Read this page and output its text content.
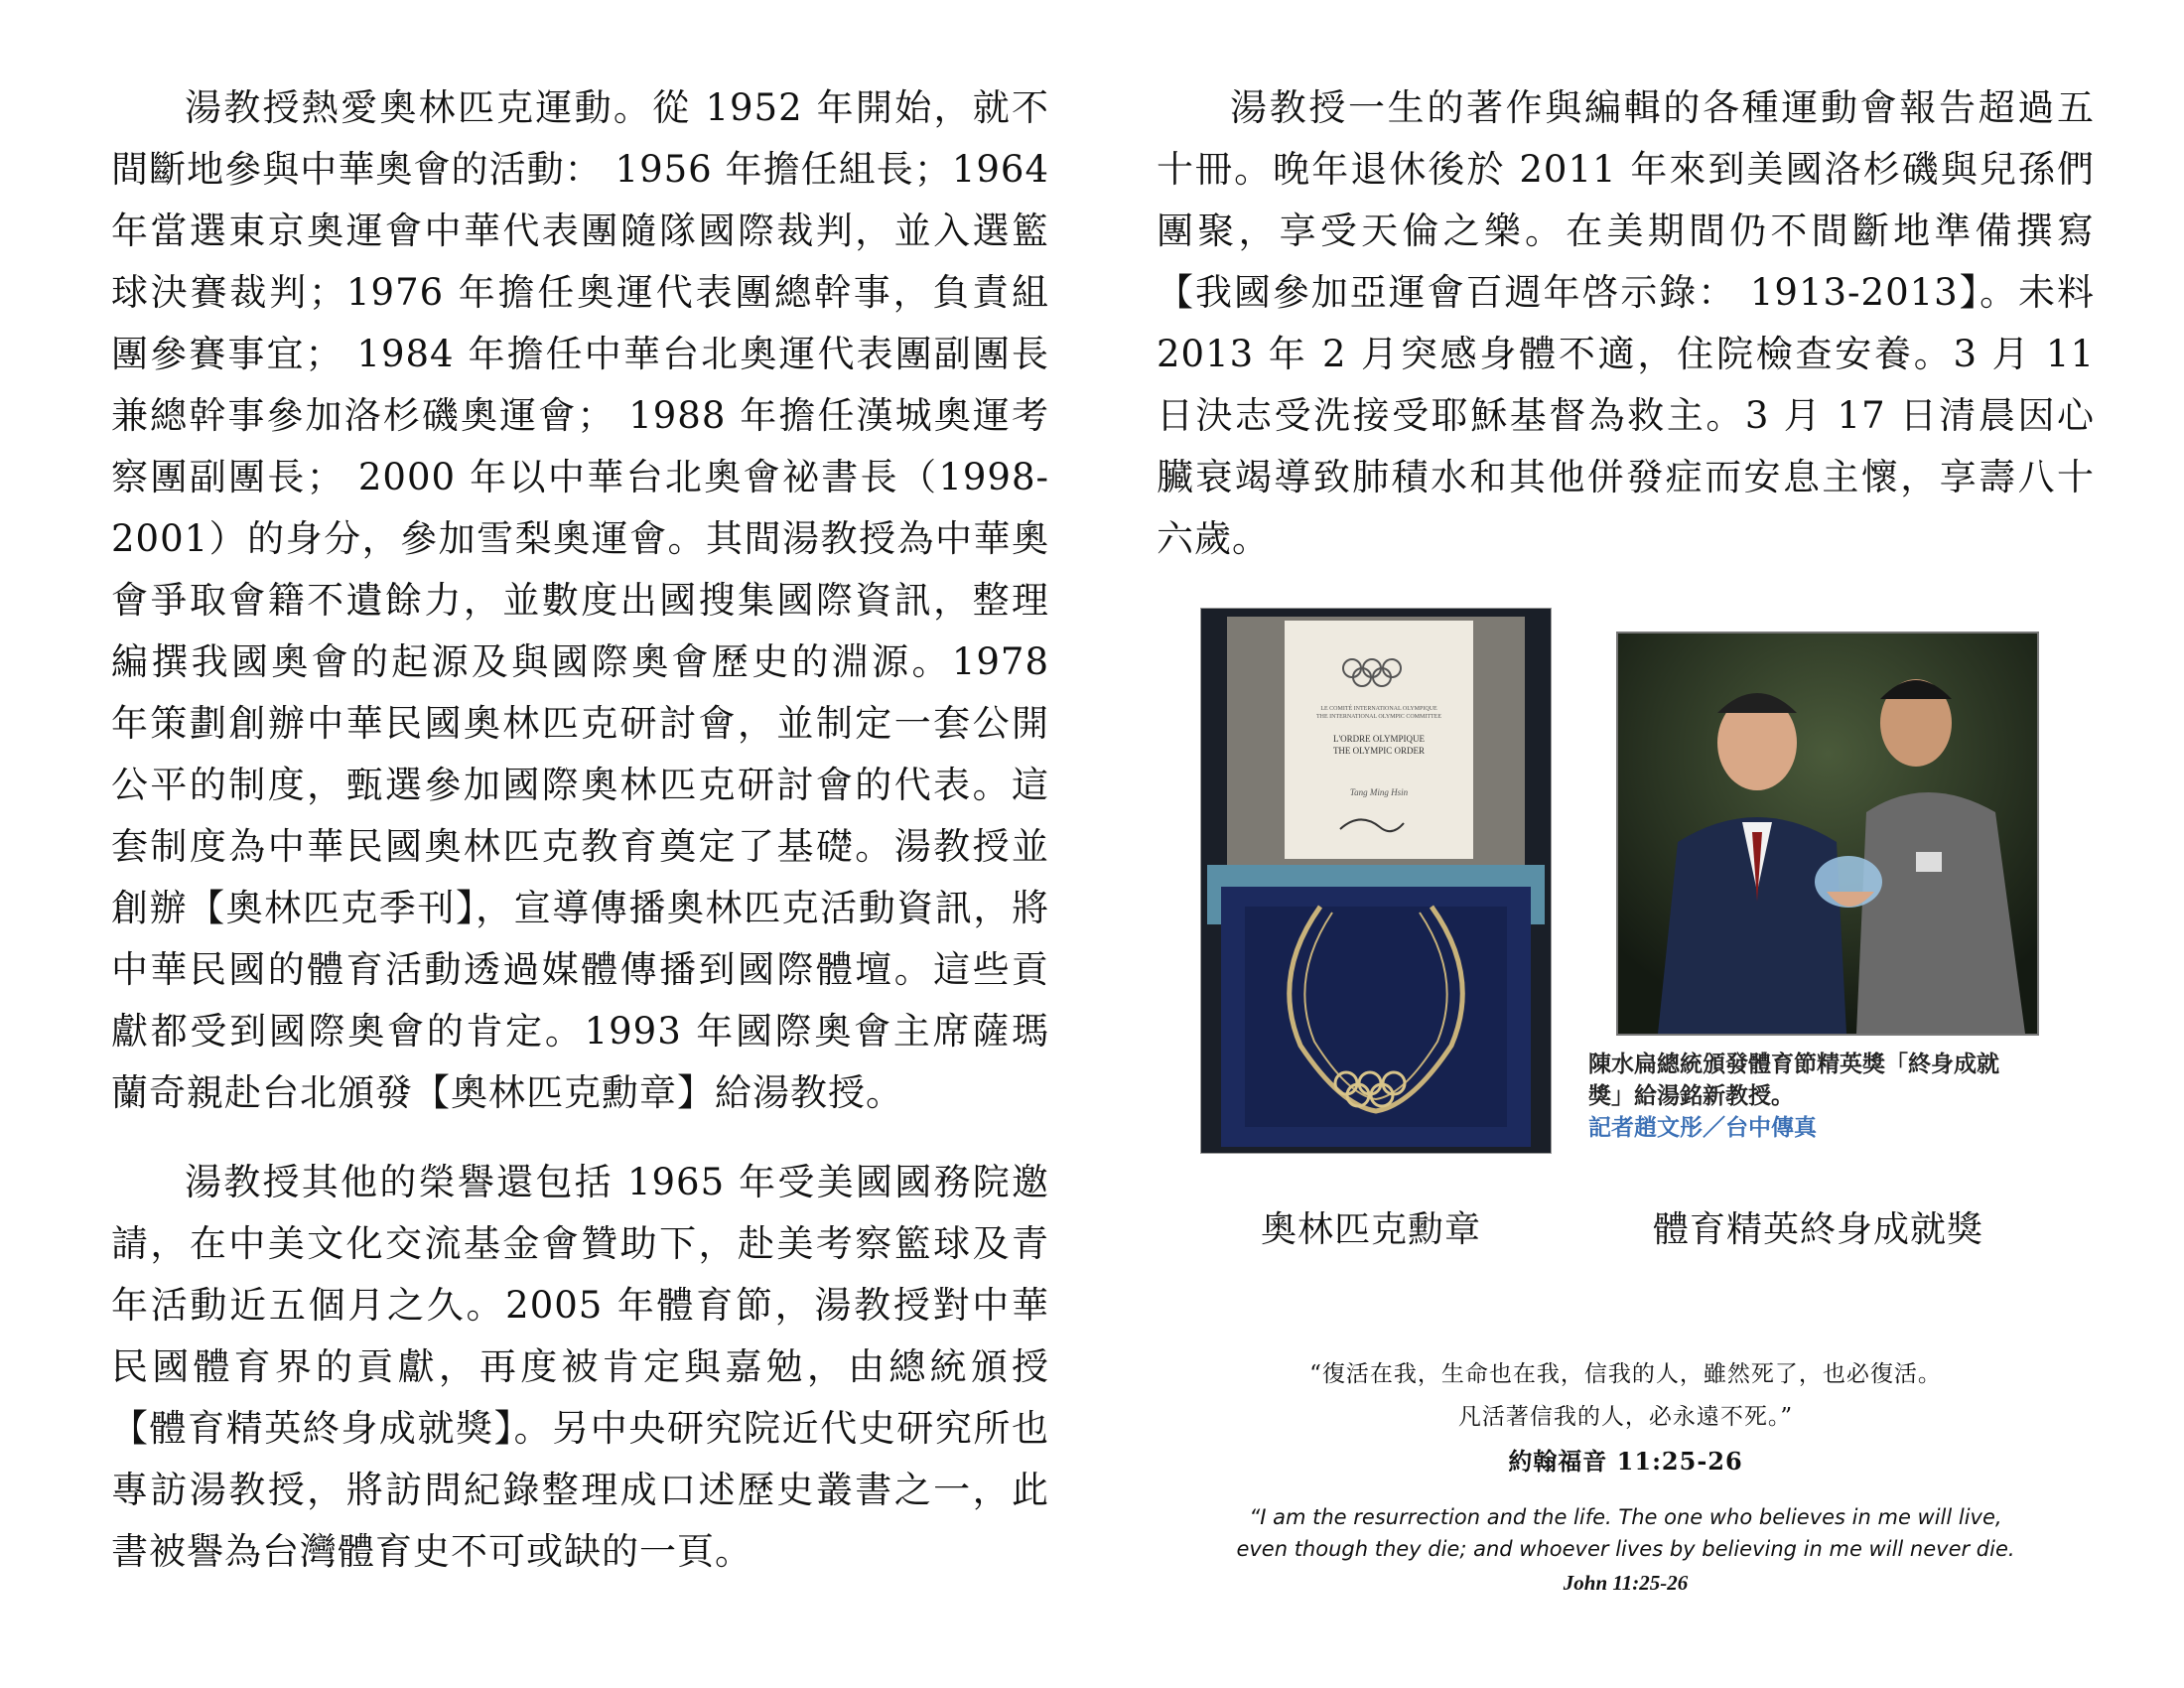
湯教授熱愛奧林匹克運動。從 1952 年開始，就不間斷地參與中華奧會的活動： 1956 年擔任組長；1964 年當選東京奧運會中華代表團隨隊國際裁判，並入選籃球決賽裁判；1976 年擔任奧運代表團總幹事，負責組團參賽事宜； 1984 年擔任中華台北奧運代表團副團長兼總幹事參加洛杉磯奧運會； 1988 年擔任漢城奧運考察團副團長； 2000 年以中華台北奧會祕書長（1998-2001）的身分，參加雪梨奧運會。其間湯教授為中華奧會爭取會籍不遺餘力，並數度出國搜集國際資訊，整理編撰我國奧會的起源及與國際奧會歷史的淵源。1978 年策劃創辦中華民國奧林匹克研討會，並制定一套公開公平的制度，甄選參加國際奧林匹克研討會的代表。這套制度為中華民國奧林匹克教育奠定了基礎。湯教授並創辦【奧林匹克季刊】，宣導傳播奧林匹克活動資訊，將中華民國的體育活動透過媒體傳播到國際體壇。這些貢獻都受到國際奧會的肯定。1993 年國際奧會主席薩瑪蘭奇親赴台北頒發【奧林匹克勳章】給湯教授。

湯教授其他的榮譽還包括 1965 年受美國國務院邀請，在中美文化交流基金會贊助下，赴美考察籃球及青年活動近五個月之久。2005 年體育節，湯教授對中華民國體育界的貢獻，再度被肯定與嘉勉，由總統頒授【體育精英終身成就獎】。另中央研究院近代史研究所也專訪湯教授，將訪問紀錄整理成口述歷史叢書之一，此書被譽為台灣體育史不可或缺的一頁。

湯教授一生的著作與編輯的各種運動會報告超過五十冊。晚年退休後於 2011 年來到美國洛杉磯與兒孫們團聚，享受天倫之樂。在美期間仍不間斷地準備撰寫【我國參加亞運會百週年啓示錄： 1913-2013】。未料 2013 年 2 月突感身體不適，住院檢查安養。3 月 11 日決志受洗接受耶穌基督為救主。3 月 17 日清晨因心臟衰竭導致肺積水和其他併發症而安息主懷，享壽八十六歲。

LE COMITÉ INTERNATIONAL OLYMPIQUE
THE INTERNATIONAL OLYMPIC COMMITTEE
L'ORDRE OLYMPIQUE
THE OLYMPIC ORDER
Tang Ming Hsin
陳水扁總統頒發體育節精英獎「終身成就獎」給湯銘新教授。
記者趙文彤／台中傳真
奧林匹克勳章	體育精英終身成就獎
“復活在我，生命也在我，信我的人，雖然死了，也必復活。
凡活著信我的人，必永遠不死。”
約翰福音 11:25-26
“I am the resurrection and the life. The one who believes in me will live,
even though they die; and whoever lives by believing in me will never die.
John 11:25-26
